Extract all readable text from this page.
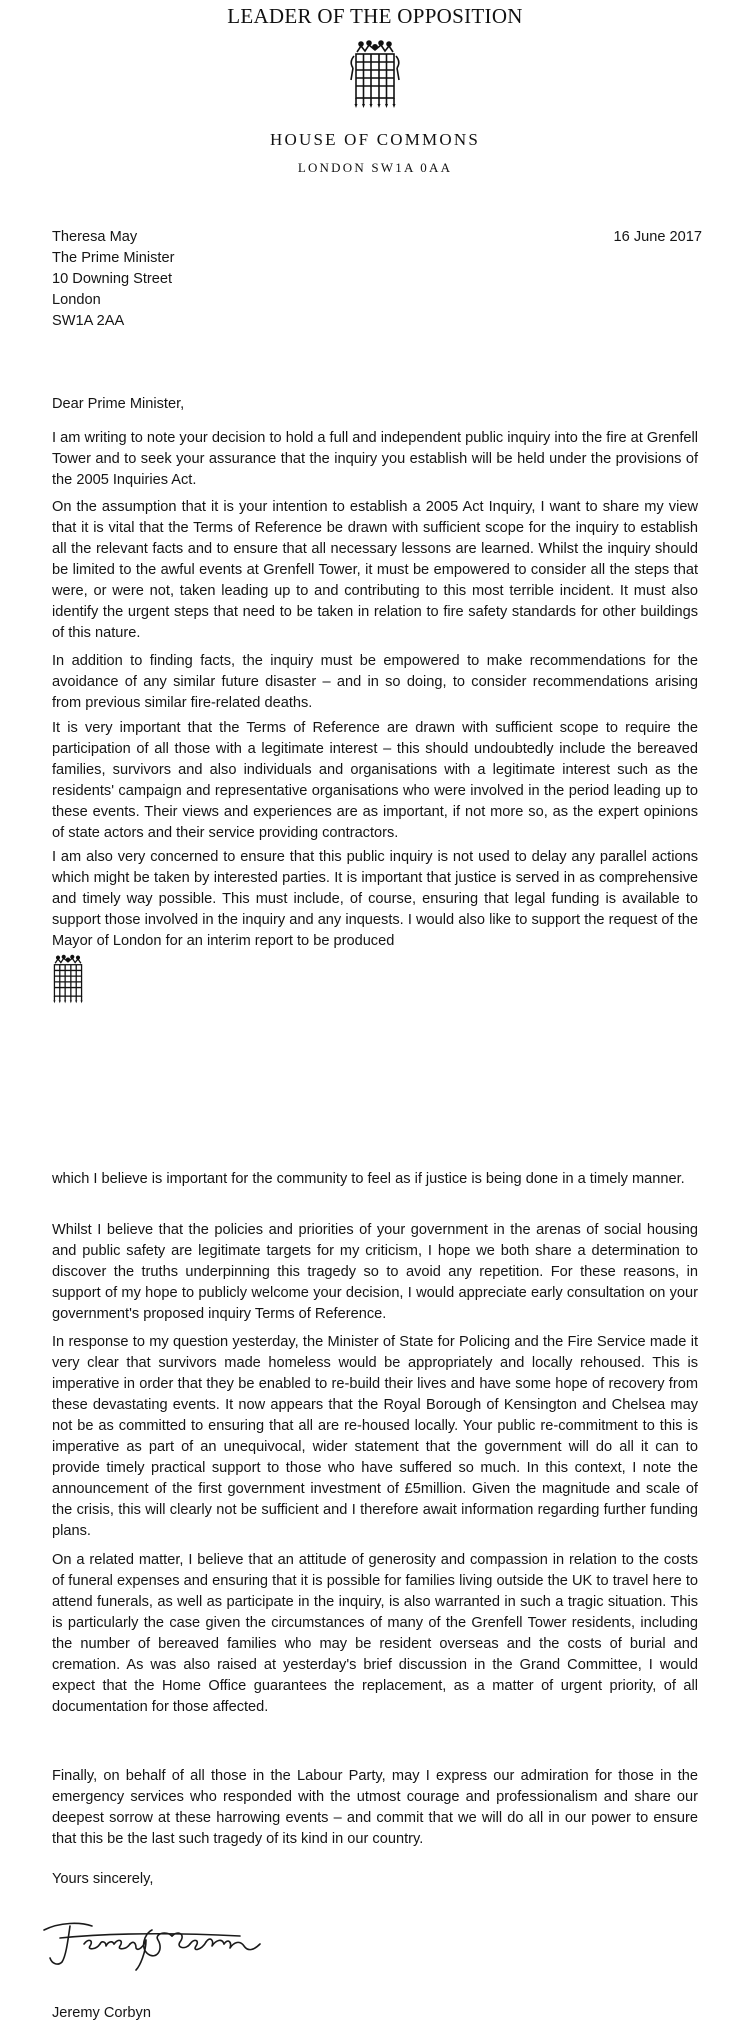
LEADER OF THE OPPOSITION
HOUSE OF COMMONS
LONDON SW1A 0AA
Theresa May
The Prime Minister
10 Downing Street
London
SW1A 2AA
16 June 2017
Dear Prime Minister,
I am writing to note your decision to hold a full and independent public inquiry into the fire at Grenfell Tower and to seek your assurance that the inquiry you establish will be held under the provisions of the 2005 Inquiries Act.
On the assumption that it is your intention to establish a 2005 Act Inquiry, I want to share my view that it is vital that the Terms of Reference be drawn with sufficient scope for the inquiry to establish all the relevant facts and to ensure that all necessary lessons are learned. Whilst the inquiry should be limited to the awful events at Grenfell Tower, it must be empowered to consider all the steps that were, or were not, taken leading up to and contributing to this most terrible incident. It must also identify the urgent steps that need to be taken in relation to fire safety standards for other buildings of this nature.
In addition to finding facts, the inquiry must be empowered to make recommendations for the avoidance of any similar future disaster – and in so doing, to consider recommendations arising from previous similar fire-related deaths.
It is very important that the Terms of Reference are drawn with sufficient scope to require the participation of all those with a legitimate interest – this should undoubtedly include the bereaved families, survivors and also individuals and organisations with a legitimate interest such as the residents' campaign and representative organisations who were involved in the period leading up to these events. Their views and experiences are as important, if not more so, as the expert opinions of state actors and their service providing contractors.
I am also very concerned to ensure that this public inquiry is not used to delay any parallel actions which might be taken by interested parties. It is important that justice is served in as comprehensive and timely way possible. This must include, of course, ensuring that legal funding is available to support those involved in the inquiry and any inquests. I would also like to support the request of the Mayor of London for an interim report to be produced
which I believe is important for the community to feel as if justice is being done in a timely manner.
Whilst I believe that the policies and priorities of your government in the arenas of social housing and public safety are legitimate targets for my criticism, I hope we both share a determination to discover the truths underpinning this tragedy so to avoid any repetition. For these reasons, in support of my hope to publicly welcome your decision, I would appreciate early consultation on your government's proposed inquiry Terms of Reference.
In response to my question yesterday, the Minister of State for Policing and the Fire Service made it very clear that survivors made homeless would be appropriately and locally rehoused. This is imperative in order that they be enabled to re-build their lives and have some hope of recovery from these devastating events. It now appears that the Royal Borough of Kensington and Chelsea may not be as committed to ensuring that all are re-housed locally. Your public re-commitment to this is imperative as part of an unequivocal, wider statement that the government will do all it can to provide timely practical support to those who have suffered so much. In this context, I note the announcement of the first government investment of £5million. Given the magnitude and scale of the crisis, this will clearly not be sufficient and I therefore await information regarding further funding plans.
On a related matter, I believe that an attitude of generosity and compassion in relation to the costs of funeral expenses and ensuring that it is possible for families living outside the UK to travel here to attend funerals, as well as participate in the inquiry, is also warranted in such a tragic situation. This is particularly the case given the circumstances of many of the Grenfell Tower residents, including the number of bereaved families who may be resident overseas and the costs of burial and cremation. As was also raised at yesterday's brief discussion in the Grand Committee, I would expect that the Home Office guarantees the replacement, as a matter of urgent priority, of all documentation for those affected.
Finally, on behalf of all those in the Labour Party, may I express our admiration for those in the emergency services who responded with the utmost courage and professionalism and share our deepest sorrow at these harrowing events – and commit that we will do all in our power to ensure that this be the last such tragedy of its kind in our country.
Yours sincerely,
Jeremy Corbyn
